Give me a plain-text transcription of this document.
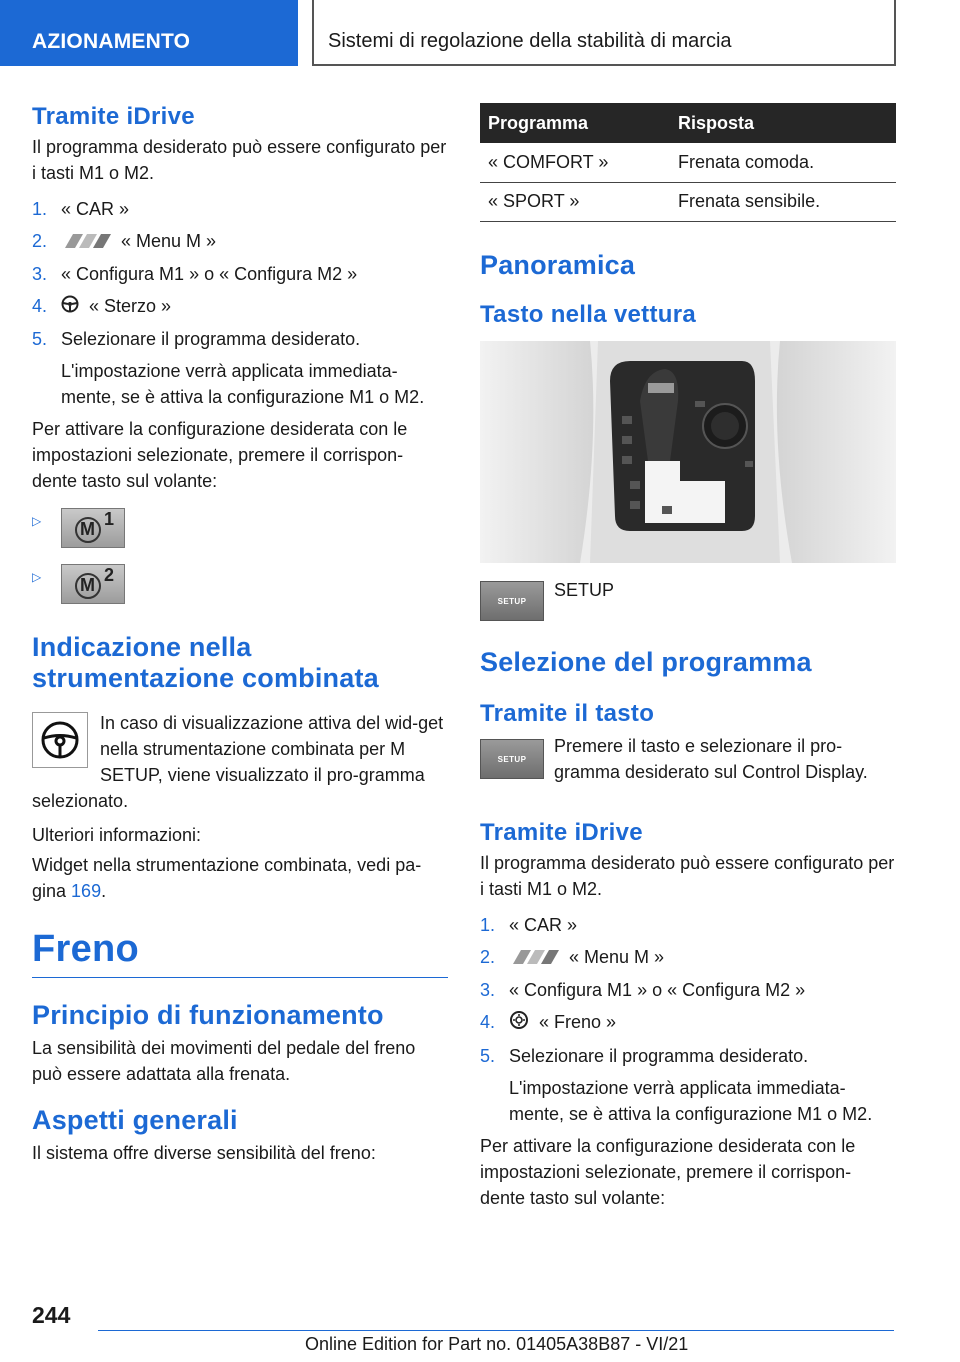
AZIONAMENTO	Sistemi di regolazione della stabilità di marcia
Tramite iDrive

Il programma desiderato può essere configurato per i tasti M1 o M2.

1. « CAR »
2.	« Menu M »
3. « Configura M1 » o « Configura M2 »
4. « Sterzo »
5. Selezionare il programma desiderato.
L'impostazione verrà applicata immediata-mente, se è attiva la configurazione M1 o M2.

Per attivare la configurazione desiderata con le impostazioni selezionate, premere il corrispon-dente tasto sul volante:

▷	M 1
▷	M 2
Indicazione nella strumentazione combinata

In caso di visualizzazione attiva del wid-get nella strumentazione combinata per M SETUP, viene visualizzato il pro-gramma selezionato.

Ulteriori informazioni:

Widget nella strumentazione combinata, vedi pa-gina 169.

Freno
Principio di funzionamento

La sensibilità dei movimenti del pedale del freno può essere adattata alla frenata.

Aspetti generali

Il sistema offre diverse sensibilità del freno:

Programma	Risposta
« COMFORT »	Frenata comoda.
« SPORT »	Frenata sensibile.
Panoramica
Tasto nella vettura
SETUP

SETUP

Selezione del programma
Tramite il tasto
SETUP

Premere il tasto e selezionare il pro-gramma desiderato sul Control Display.

Tramite iDrive

Il programma desiderato può essere configurato per i tasti M1 o M2.

1. « CAR »
2.	« Menu M »
3. « Configura M1 » o « Configura M2 »
4. « Freno »
5. Selezionare il programma desiderato.
L'impostazione verrà applicata immediata-mente, se è attiva la configurazione M1 o M2.

Per attivare la configurazione desiderata con le impostazioni selezionate, premere il corrispon-dente tasto sul volante:

244
Online Edition for Part no. 01405A38B87 - VI/21
